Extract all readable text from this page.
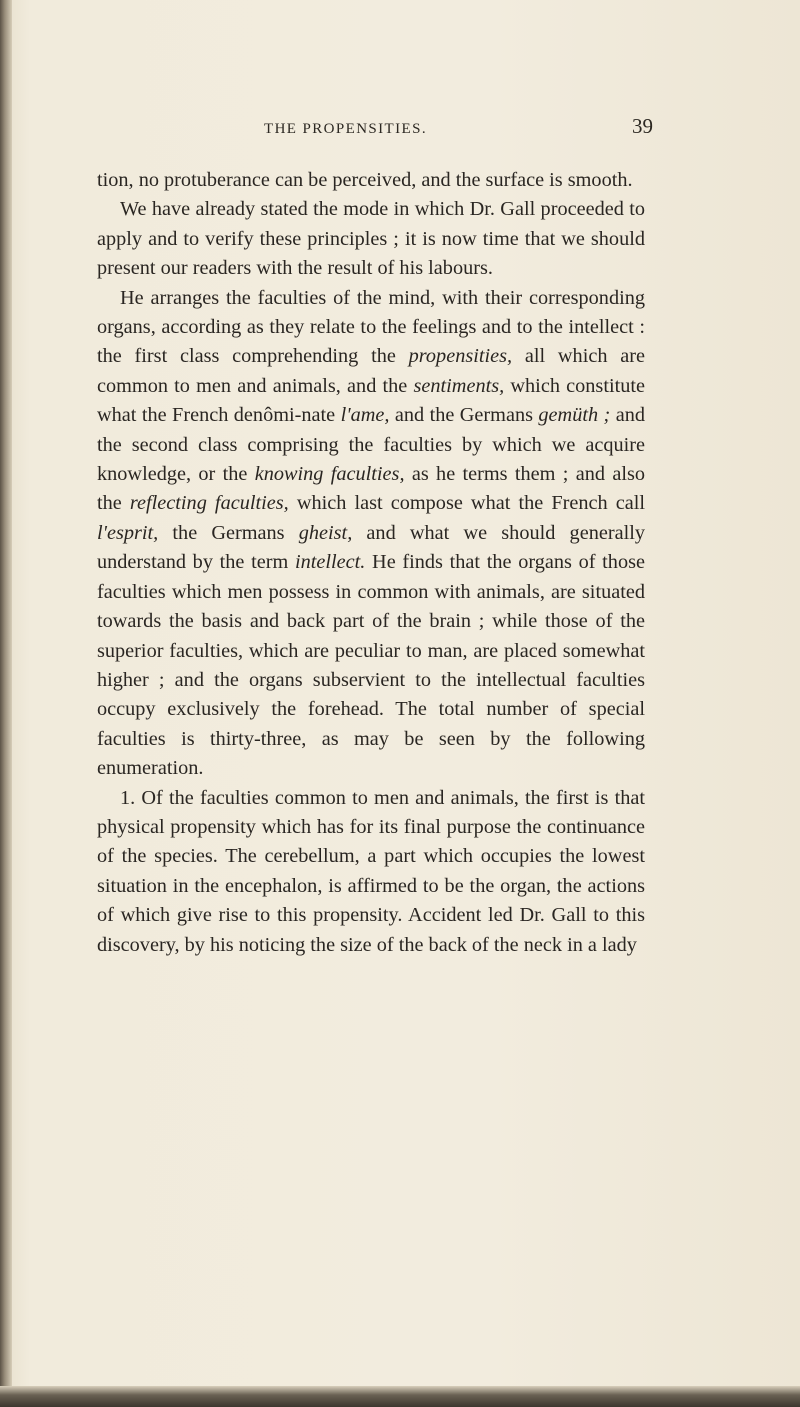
THE PROPENSITIES.	39

tion, no protuberance can be perceived, and the surface is smooth.

We have already stated the mode in which Dr. Gall proceeded to apply and to verify these principles ; it is now time that we should present our readers with the result of his labours.

He arranges the faculties of the mind, with their corresponding organs, according as they relate to the feelings and to the intellect : the first class comprehending the propensities, all which are common to men and animals, and the sentiments, which constitute what the French denômi-nate l'ame, and the Germans gemüth ; and the second class comprising the faculties by which we acquire knowledge, or the knowing faculties, as he terms them ; and also the reflecting faculties, which last compose what the French call l'esprit, the Germans gheist, and what we should generally understand by the term intellect. He finds that the organs of those faculties which men possess in common with animals, are situated towards the basis and back part of the brain ; while those of the superior faculties, which are peculiar to man, are placed somewhat higher ; and the organs subservient to the intellectual faculties occupy exclusively the forehead. The total number of special faculties is thirty-three, as may be seen by the following enumeration.

1. Of the faculties common to men and animals, the first is that physical propensity which has for its final purpose the continuance of the species. The cerebellum, a part which occupies the lowest situation in the encephalon, is affirmed to be the organ, the actions of which give rise to this propensity. Accident led Dr. Gall to this discovery, by his noticing the size of the back of the neck in a lady
